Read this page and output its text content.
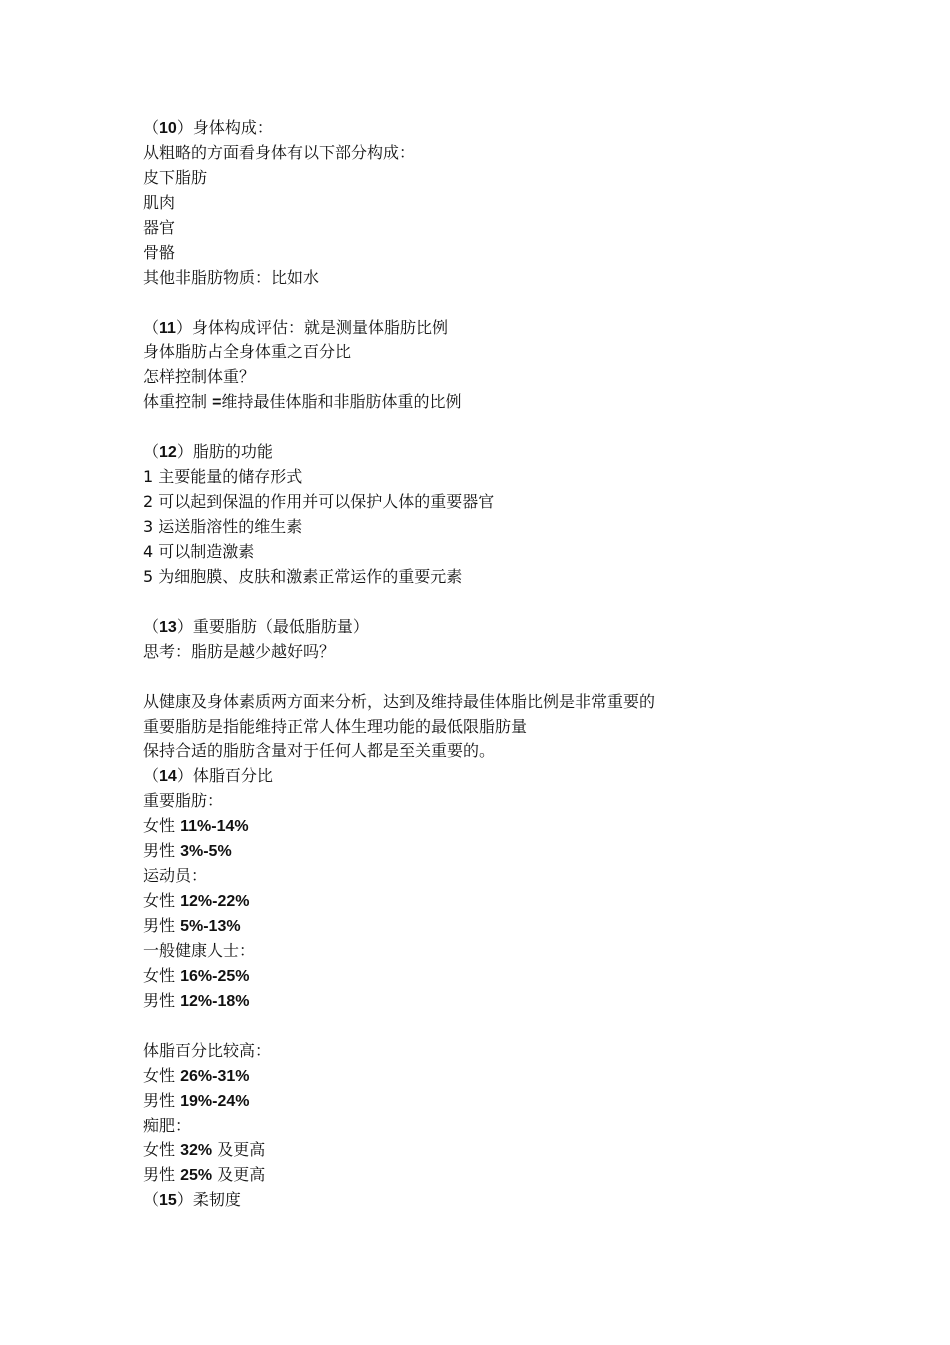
（10）身体构成：
从粗略的方面看身体有以下部分构成：
皮下脂肪
肌肉
器官
骨骼
其他非脂肪物质：比如水
（11）身体构成评估：就是测量体脂肪比例
身体脂肪占全身体重之百分比
怎样控制体重？
体重控制 =维持最佳体脂和非脂肪体重的比例
（12）脂肪的功能
1 主要能量的储存形式
2 可以起到保温的作用并可以保护人体的重要器官
3 运送脂溶性的维生素
4 可以制造激素
5 为细胞膜、皮肤和激素正常运作的重要元素
（13）重要脂肪（最低脂肪量）
思考：脂肪是越少越好吗？
从健康及身体素质两方面来分析，达到及维持最佳体脂比例是非常重要的
重要脂肪是指能维持正常人体生理功能的最低限脂肪量
保持合适的脂肪含量对于任何人都是至关重要的。
（14）体脂百分比
重要脂肪：
女性 11%-14%
男性 3%-5%
运动员：
女性 12%-22%
男性 5%-13%
一般健康人士：
女性 16%-25%
男性 12%-18%
体脂百分比较高：
女性 26%-31%
男性 19%-24%
痴肥：
女性 32% 及更高
男性 25% 及更高
（15）柔韧度
